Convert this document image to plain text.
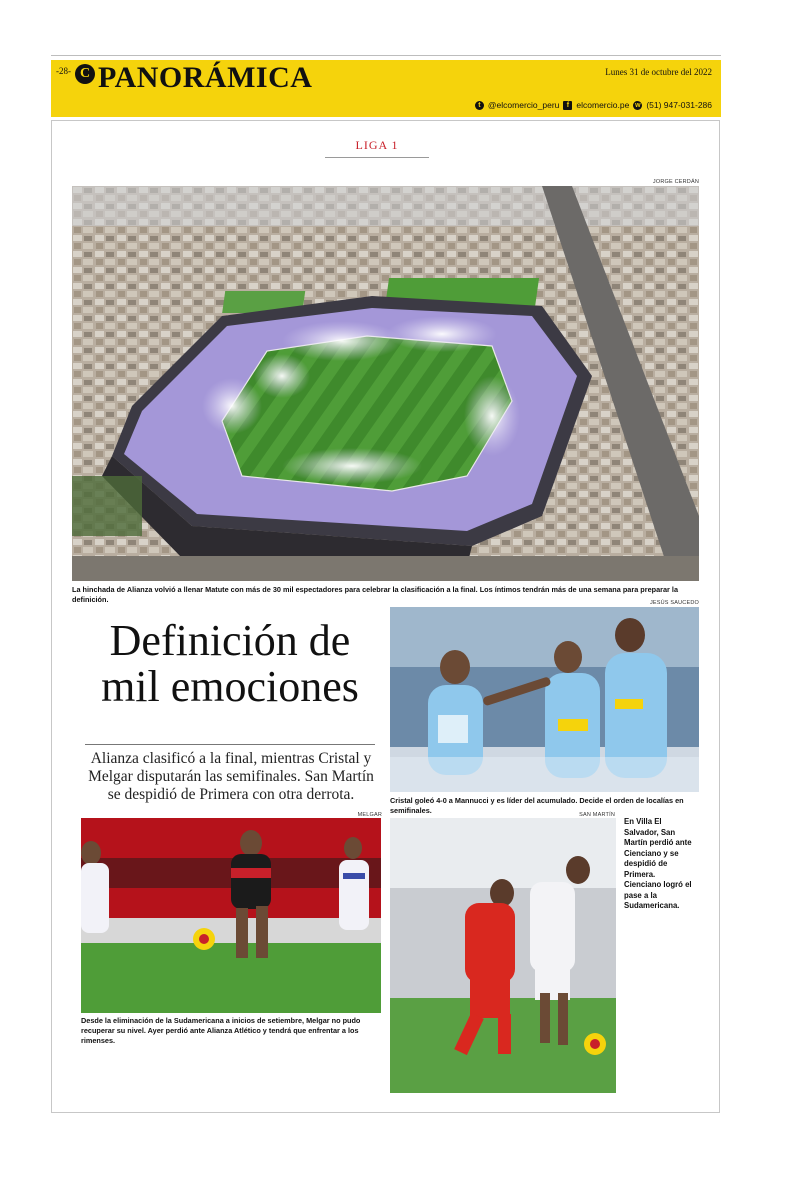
-28- C PANORÁMICA	Lunes 31 de octubre del 2022
t @elcomercio_peru	f elcomercio.pe w (51) 947-031-286
LIGA 1
JORGE CERDÁN
La hinchada de Alianza volvió a llenar Matute con más de 30 mil espectadores para celebrar la clasificación a la final. Los íntimos tendrán más de una semana para preparar la definición.
Definición de mil emociones
Alianza clasificó a la final, mientras Cristal y Melgar disputarán las semifinales. San Martín se despidió de Primera con otra derrota.
JESÚS SAUCEDO
Cristal goleó 4-0 a Mannucci y es líder del acumulado. Decide el orden de localías en semifinales.
MELGAR
Desde la eliminación de la Sudamericana a inicios de setiembre, Melgar no pudo recuperar su nivel. Ayer perdió ante Alianza Atlético y tendrá que enfrentar a los rimenses.
SAN MARTÍN
En Villa El Salvador, San Martín perdió ante Cienciano y se despidió de Primera. Cienciano logró el pase a la Sudamericana.
